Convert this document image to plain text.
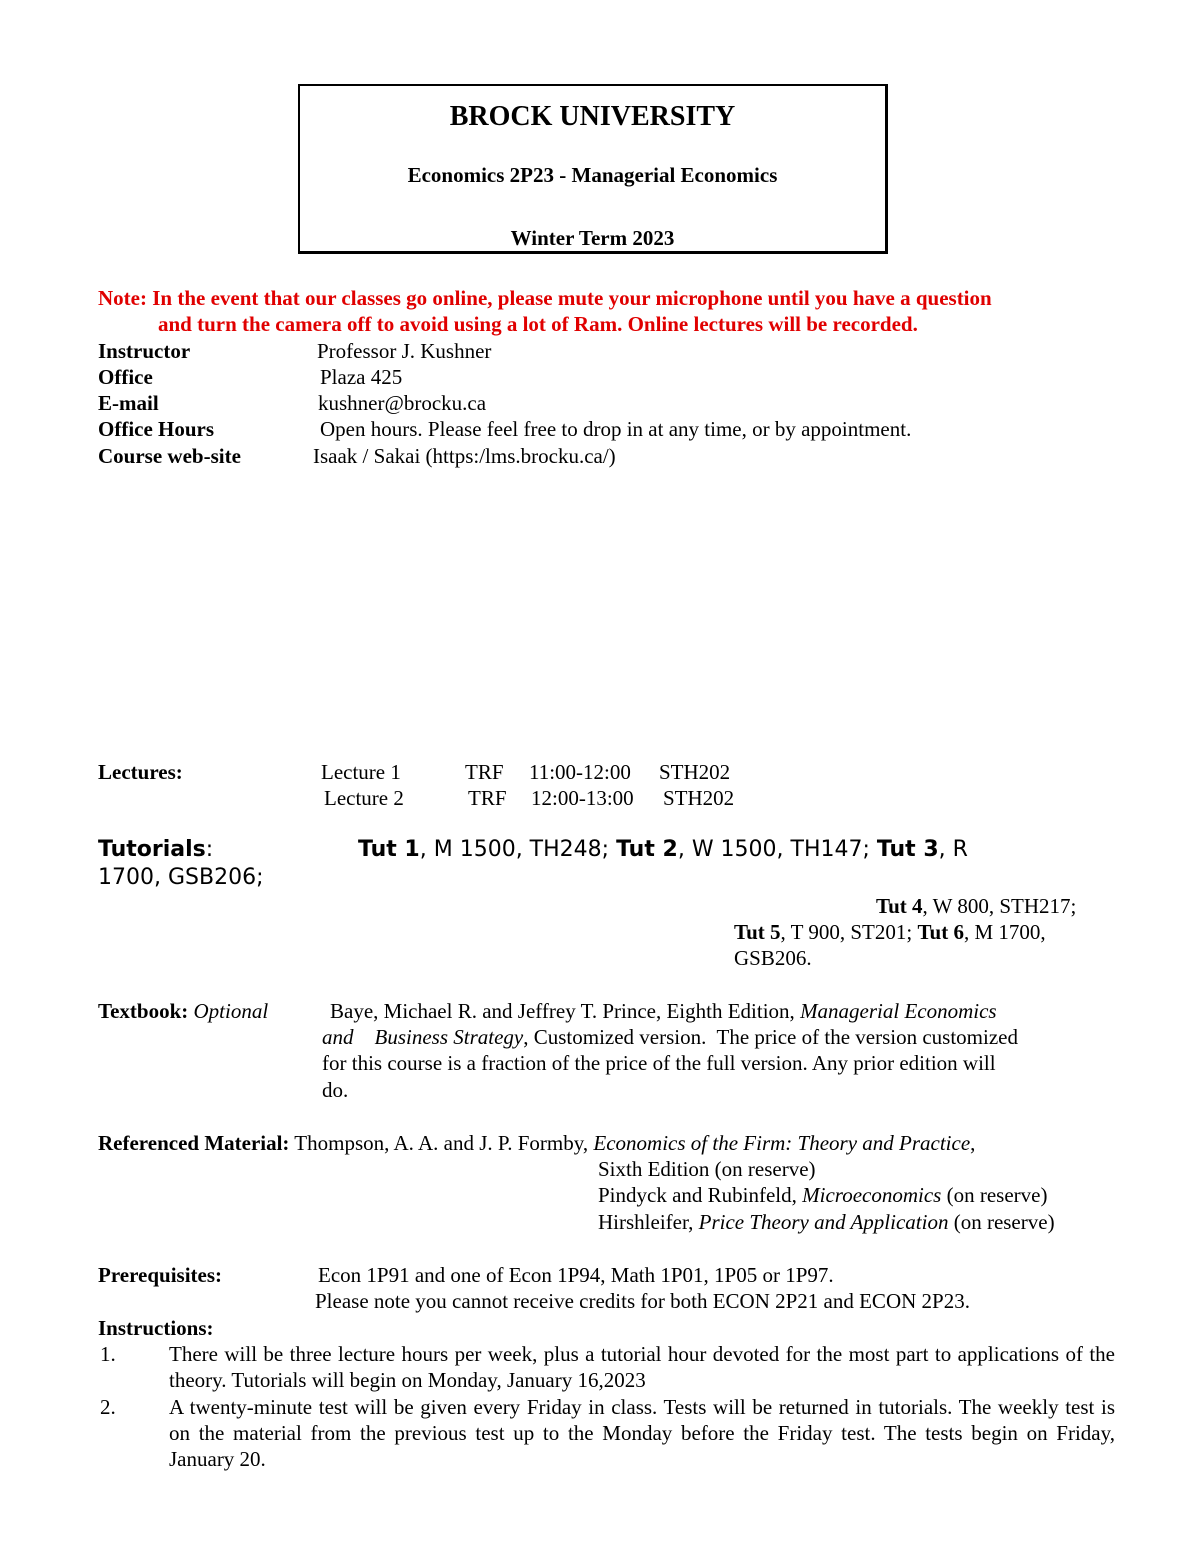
BROCK UNIVERSITY
Economics 2P23 - Managerial Economics
Winter Term 2023
Note: In the event that our classes go online, please mute your microphone until you have a question
and turn the camera off to avoid using a lot of Ram. Online lectures will be recorded.
Instructor	Professor J. Kushner
Office	Plaza 425
E-mail	kushner@brocku.ca
Office Hours	Open hours. Please feel free to drop in at any time, or by appointment.
Course web-site	Isaak / Sakai (https:/lms.brocku.ca/)
Lectures:	Lecture 1	TRF 11:00-12:00 STH202
Lecture 2	TRF 12:00-13:00 STH202
Tutorials:	Tut 1, M 1500, TH248; Tut 2, W 1500, TH147; Tut 3, R
1700, GSB206;
Tut 4, W 800, STH217;
Tut 5, T 900, ST201; Tut 6, M 1700,
GSB206.
Textbook: Optional	Baye, Michael R. and Jeffrey T. Prince, Eighth Edition, Managerial Economics
and    Business Strategy, Customized version.  The price of the version customized
for this course is a fraction of the price of the full version. Any prior edition will
do.
Referenced Material: Thompson, A. A. and J. P. Formby, Economics of the Firm: Theory and Practice,
Sixth Edition (on reserve)
Pindyck and Rubinfeld, Microeconomics (on reserve)
Hirshleifer, Price Theory and Application (on reserve)
Prerequisites:	Econ 1P91 and one of Econ 1P94, Math 1P01, 1P05 or 1P97.
Please note you cannot receive credits for both ECON 2P21 and ECON 2P23.
Instructions:
1.	There will be three lecture hours per week, plus a tutorial hour devoted for the most part to applications of the theory. Tutorials will begin on Monday, January 16,2023
2.	A twenty-minute test will be given every Friday in class. Tests will be returned in tutorials. The weekly test is on the material from the previous test up to the Monday before the Friday test. The tests begin on Friday, January 20.
